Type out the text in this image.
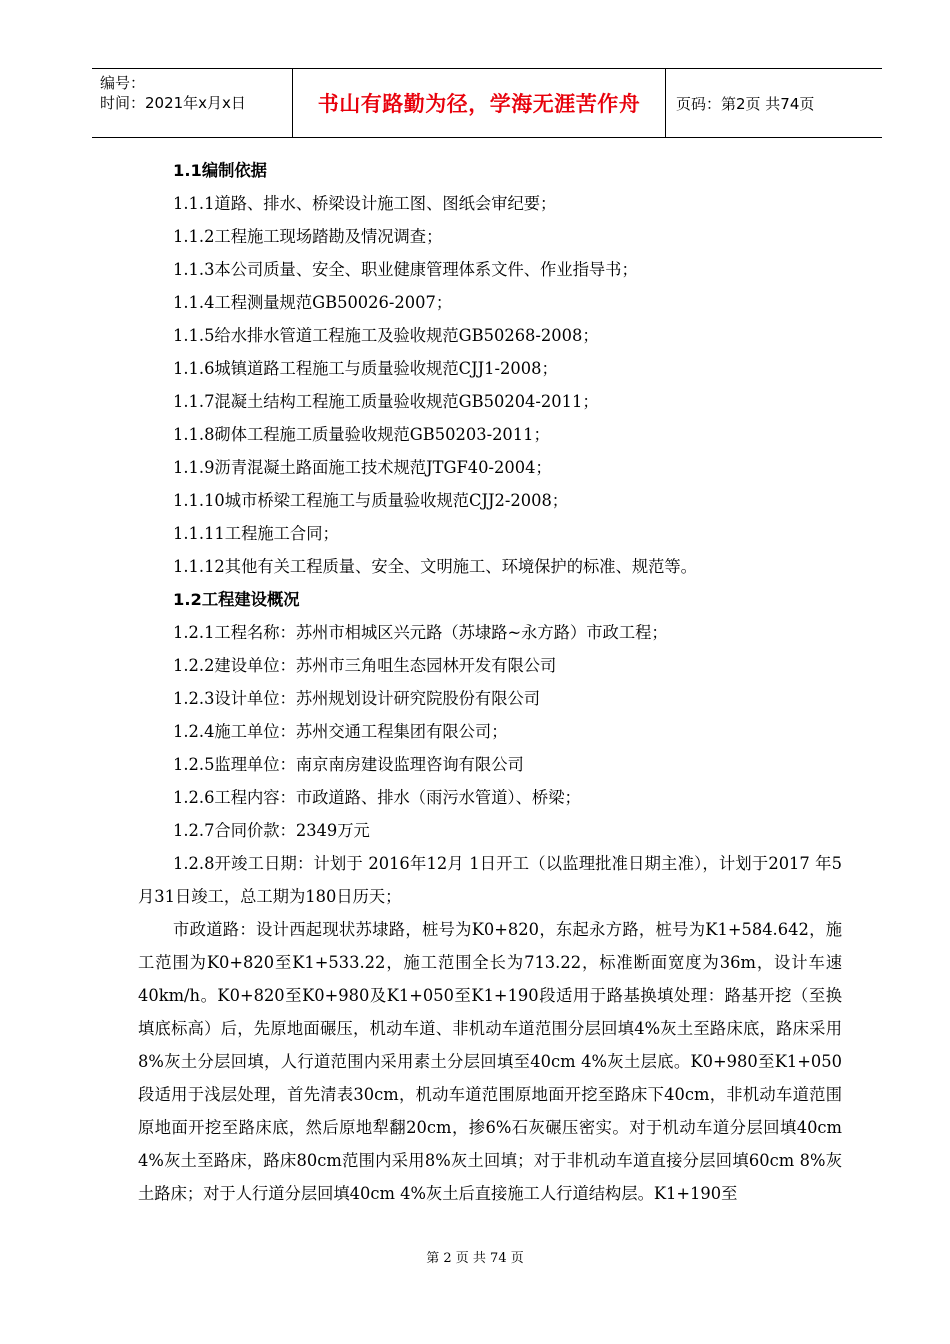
编号：
时间：2021年x月x日	书山有路勤为径，学海无涯苦作舟 页码：第2页 共74页
1.1编制依据
1.1.1道路、排水、桥梁设计施工图、图纸会审纪要；
1.1.2工程施工现场踏勘及情况调查；
1.1.3本公司质量、安全、职业健康管理体系文件、作业指导书；
1.1.4工程测量规范GB50026-2007；
1.1.5给水排水管道工程施工及验收规范GB50268-2008；
1.1.6城镇道路工程施工与质量验收规范CJJ1-2008；
1.1.7混凝土结构工程施工质量验收规范GB50204-2011；
1.1.8砌体工程施工质量验收规范GB50203-2011；
1.1.9沥青混凝土路面施工技术规范JTGF40-2004；
1.1.10城市桥梁工程施工与质量验收规范CJJ2-2008；
1.1.11工程施工合同；
1.1.12其他有关工程质量、安全、文明施工、环境保护的标准、规范等。
1.2工程建设概况
1.2.1工程名称：苏州市相城区兴元路（苏埭路~永方路）市政工程；
1.2.2建设单位：苏州市三角咀生态园林开发有限公司
1.2.3设计单位：苏州规划设计研究院股份有限公司
1.2.4施工单位：苏州交通工程集团有限公司；
1.2.5监理单位：南京南房建设监理咨询有限公司
1.2.6工程内容：市政道路、排水（雨污水管道）、桥梁；
1.2.7合同价款：2349万元
1.2.8开竣工日期：计划于 2016年12月 1日开工（以监理批准日期主准），计划于2017 年5月31日竣工，总工期为180日历天；
市政道路：设计西起现状苏埭路，桩号为K0+820，东起永方路，桩号为K1+584.642，施工范围为K0+820至K1+533.22，施工范围全长为713.22，标准断面宽度为36m，设计车速40km/h。K0+820至K0+980及K1+050至K1+190段适用于路基换填处理：路基开挖（至换填底标高）后，先原地面碾压，机动车道、非机动车道范围分层回填4%灰土至路床底，路床采用8%灰土分层回填，人行道范围内采用素土分层回填至40cm 4%灰土层底。K0+980至K1+050段适用于浅层处理，首先清表30cm，机动车道范围原地面开挖至路床下40cm，非机动车道范围原地面开挖至路床底，然后原地犁翻20cm，掺6%石灰碾压密实。对于机动车道分层回填40cm 4%灰土至路床，路床80cm范围内采用8%灰土回填；对于非机动车道直接分层回填60cm 8%灰土路床；对于人行道分层回填40cm 4%灰土后直接施工人行道结构层。K1+190至
第 2 页 共 74 页
